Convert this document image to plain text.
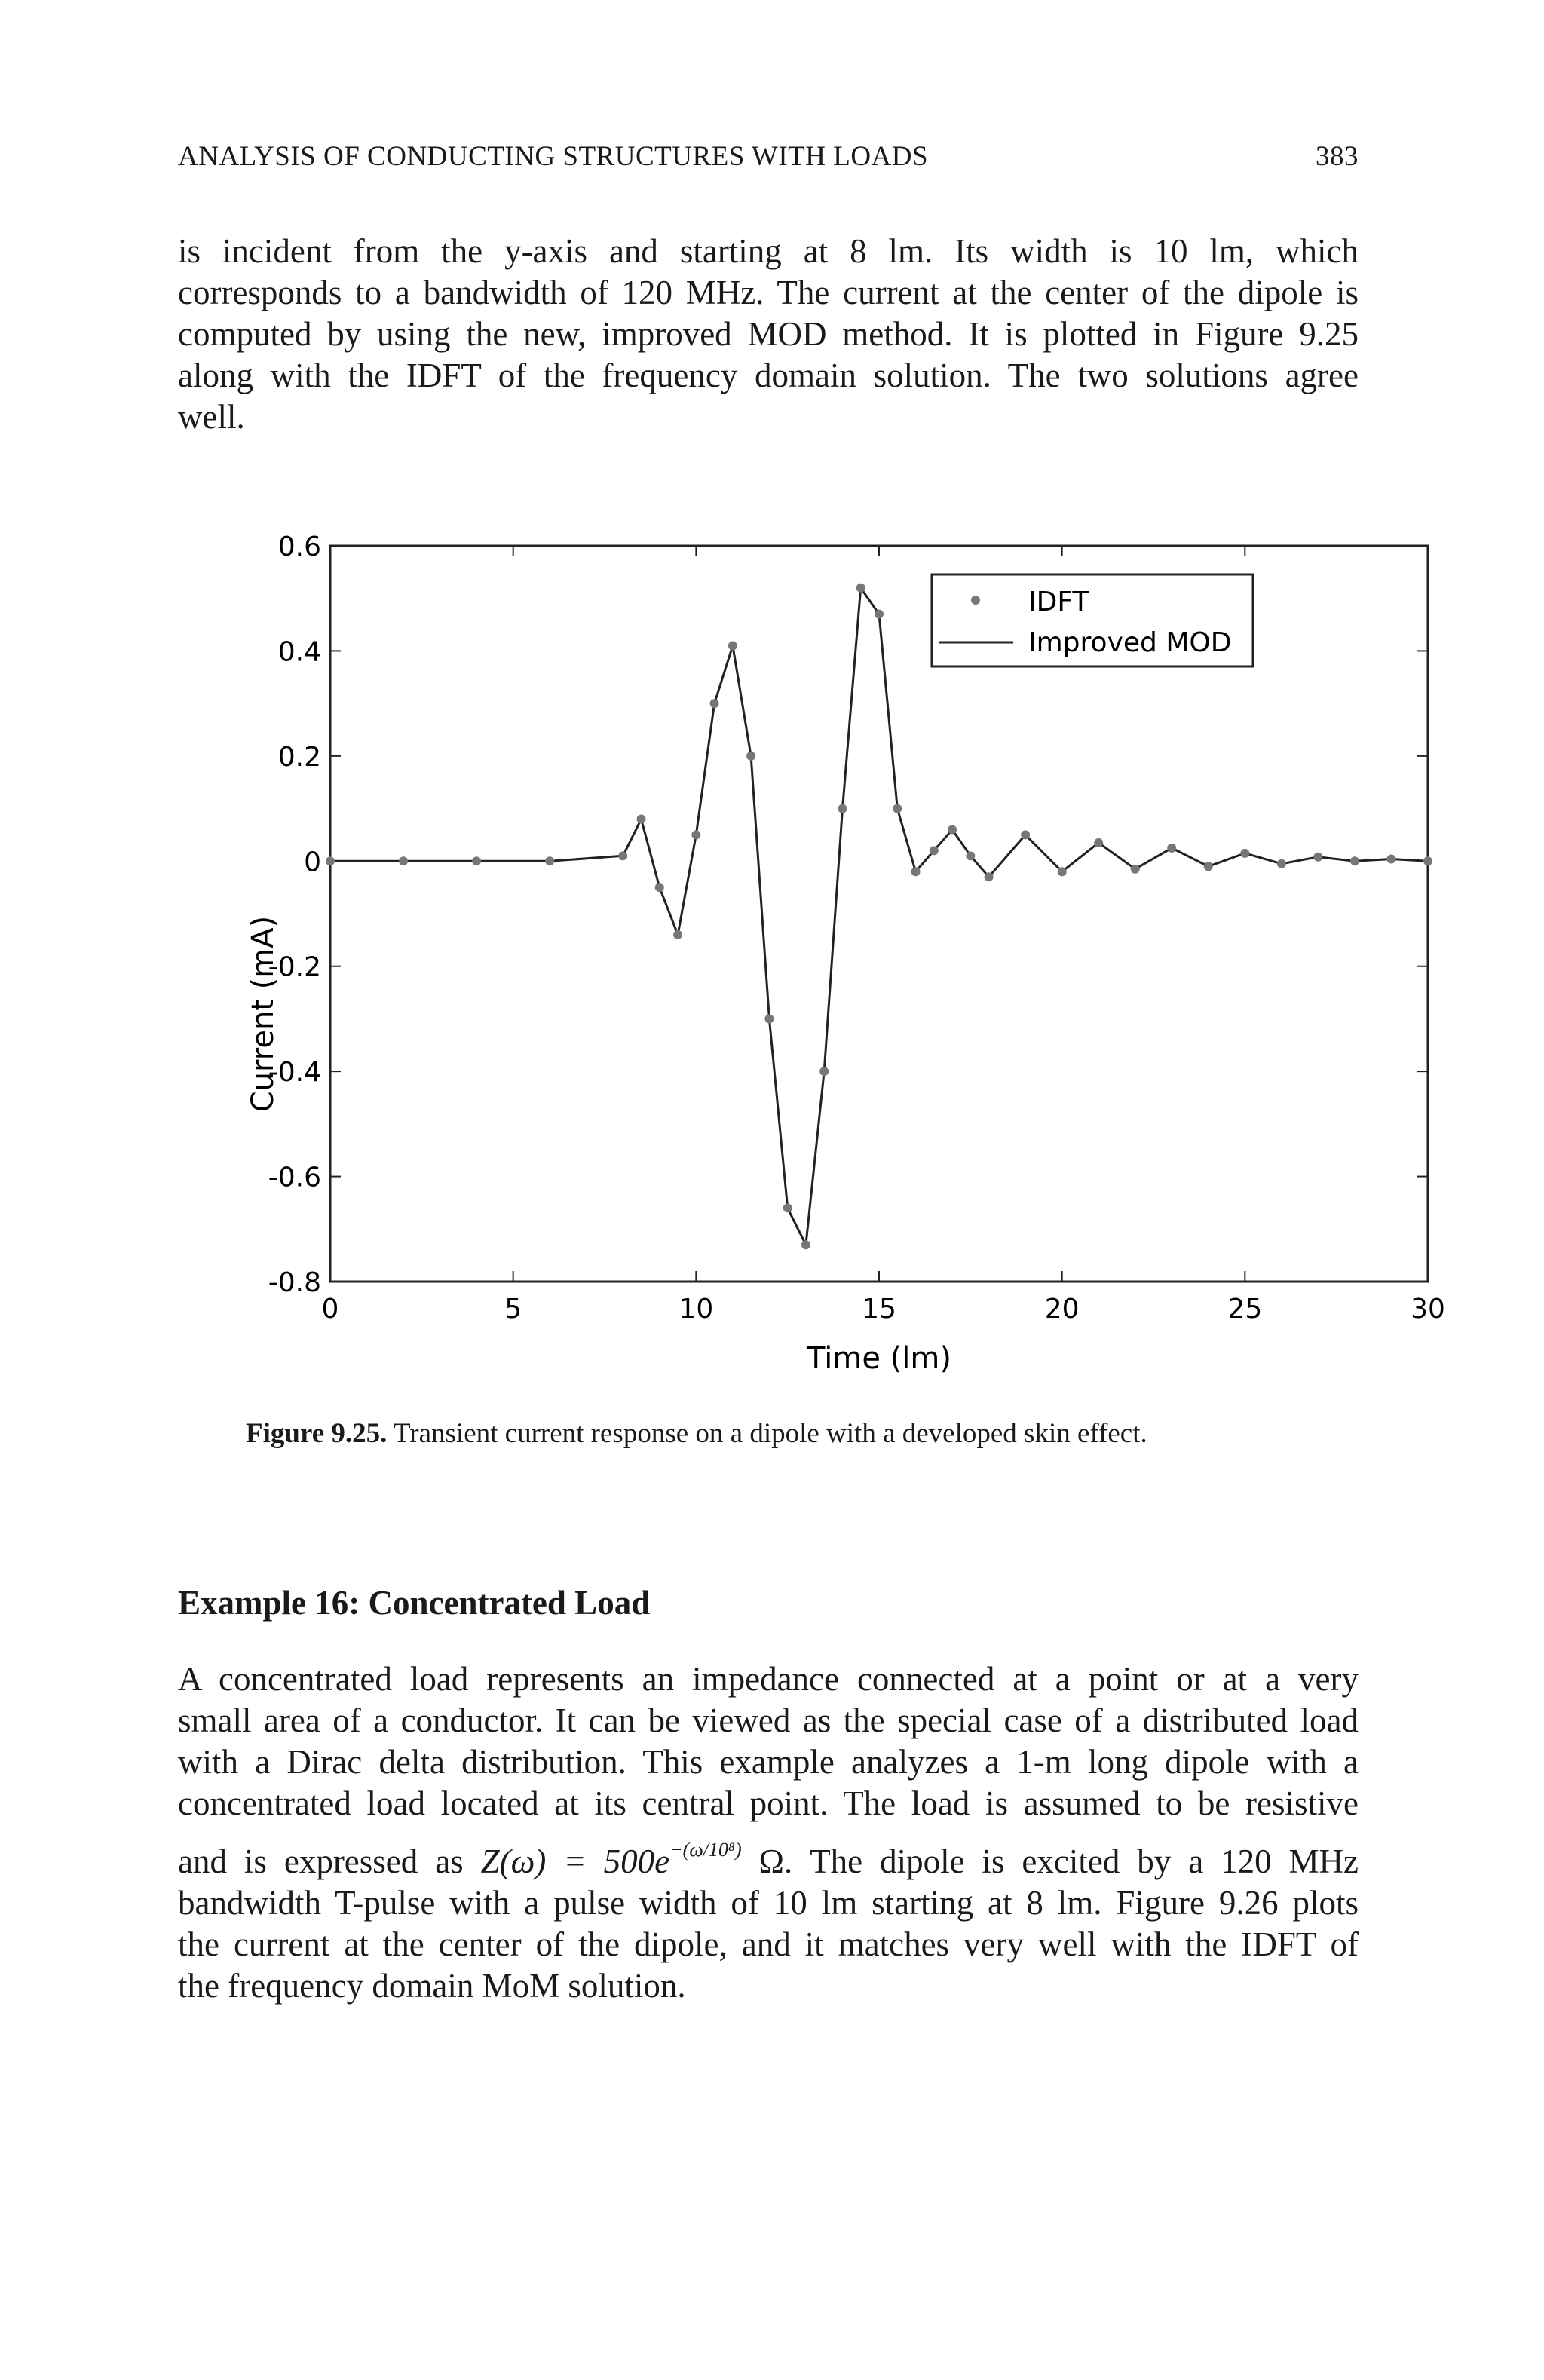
ANALYSIS OF CONDUCTING STRUCTURES WITH LOADS	383
is incident from the y-axis and starting at 8 lm. Its width is 10 lm, which
corresponds to a bandwidth of 120 MHz. The current at the center of the dipole is
computed by using the new, improved MOD method. It is plotted in Figure 9.25
along with the IDFT of the frequency domain solution. The two solutions agree
well.
0.6
0.4
0.2
0
-0.2
-0.4
-0.6
-0.8
0	5	10	15	20	25	30
Time (lm)
Current (mA)
IDFT
Improved MOD
Figure 9.25. Transient current response on a dipole with a developed skin effect.
Example 16: Concentrated Load
A concentrated load represents an impedance connected at a point or at a very
small area of a conductor. It can be viewed as the special case of a distributed load
with a Dirac delta distribution. This example analyzes a 1-m long dipole with a
concentrated load located at its central point. The load is assumed to be resistive
and is expressed as $Z(\omega) = 500e^{-(\omega/10^8)}$ Ω. The dipole is excited by a 120 MHz
bandwidth T-pulse with a pulse width of 10 lm starting at 8 lm. Figure 9.26 plots
the current at the center of the dipole, and it matches very well with the IDFT of
the frequency domain MoM solution.
